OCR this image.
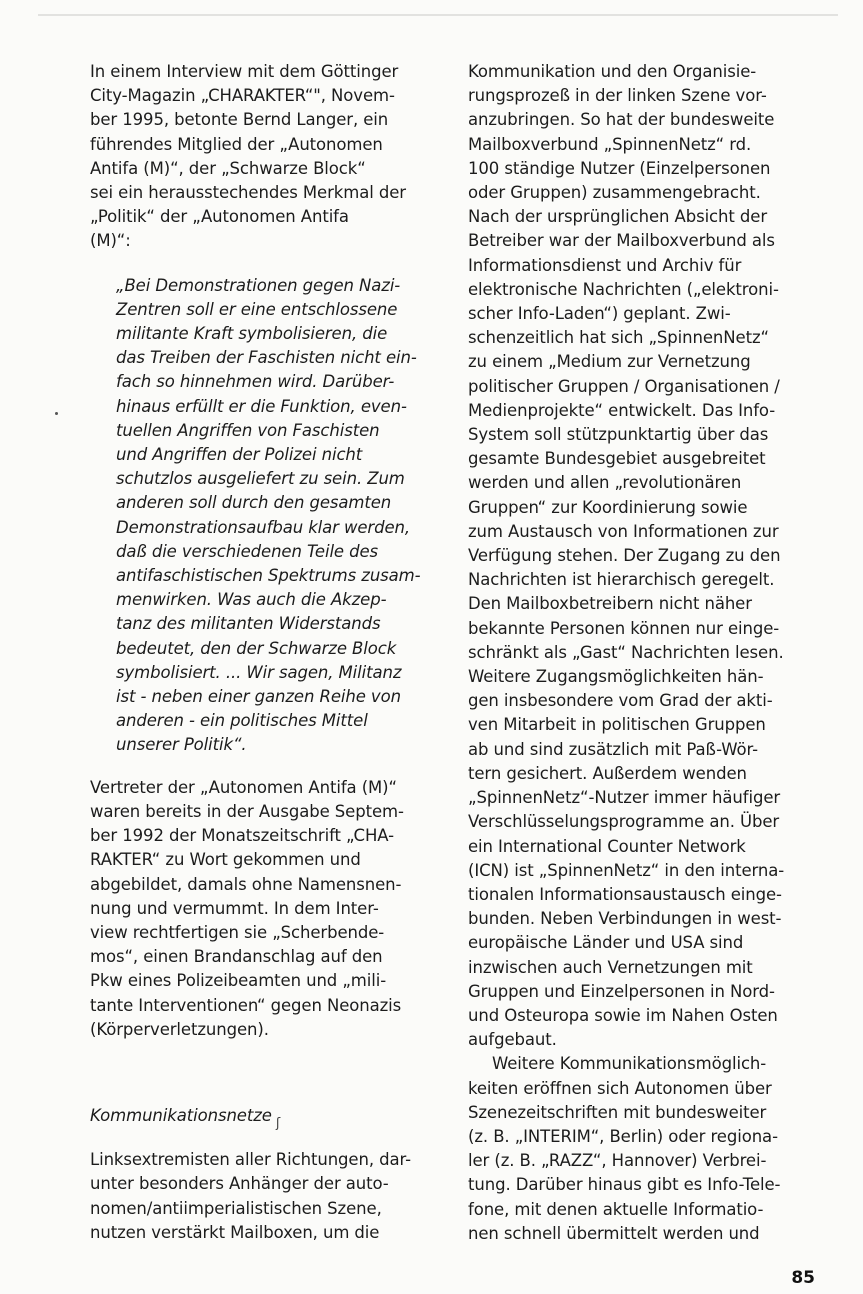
In einem Interview mit dem Göttinger

City-Magazin „CHARAKTER“", Novem-

ber 1995, betonte Bernd Langer, ein

führendes Mitglied der „Autonomen

Antifa (M)“, der „Schwarze Block“

sei ein herausstechendes Merkmal der

„Politik“ der „Autonomen Antifa

(M)“:

„Bei Demonstrationen gegen Nazi-

Zentren soll er eine entschlossene

militante Kraft symbolisieren, die

das Treiben der Faschisten nicht ein-

fach so hinnehmen wird. Darüber-

hinaus erfüllt er die Funktion, even-

tuellen Angriffen von Faschisten

und Angriffen der Polizei nicht

schutzlos ausgeliefert zu sein. Zum

anderen soll durch den gesamten

Demonstrationsaufbau klar werden,

daß die verschiedenen Teile des

antifaschistischen Spektrums zusam-

menwirken. Was auch die Akzep-

tanz des militanten Widerstands

bedeutet, den der Schwarze Block

symbolisiert. ... Wir sagen, Militanz

ist - neben einer ganzen Reihe von

anderen - ein politisches Mittel

unserer Politik“.

Vertreter der „Autonomen Antifa (M)“

waren bereits in der Ausgabe Septem-

ber 1992 der Monatszeitschrift „CHA-

RAKTER“ zu Wort gekommen und

abgebildet, damals ohne Namensnen-

nung und vermummt. In dem Inter-

view rechtfertigen sie „Scherbende-

mos“, einen Brandanschlag auf den

Pkw eines Polizeibeamten und „mili-

tante Interventionen“ gegen Neonazis

(Körperverletzungen).

Kommunikationsnetze ʃ

Linksextremisten aller Richtungen, dar-

unter besonders Anhänger der auto-

nomen/antiimperialistischen Szene,

nutzen verstärkt Mailboxen, um die

Kommunikation und den Organisie-

rungsprozeß in der linken Szene vor-

anzubringen. So hat der bundesweite

Mailboxverbund „SpinnenNetz“ rd.

100 ständige Nutzer (Einzelpersonen

oder Gruppen) zusammengebracht.

Nach der ursprünglichen Absicht der

Betreiber war der Mailboxverbund als

Informationsdienst und Archiv für

elektronische Nachrichten („elektroni-

scher Info-Laden“) geplant. Zwi-

schenzeitlich hat sich „SpinnenNetz“

zu einem „Medium zur Vernetzung

politischer Gruppen / Organisationen /

Medienprojekte“ entwickelt. Das Info-

System soll stützpunktartig über das

gesamte Bundesgebiet ausgebreitet

werden und allen „revolutionären

Gruppen“ zur Koordinierung sowie

zum Austausch von Informationen zur

Verfügung stehen. Der Zugang zu den

Nachrichten ist hierarchisch geregelt.

Den Mailboxbetreibern nicht näher

bekannte Personen können nur einge-

schränkt als „Gast“ Nachrichten lesen.

Weitere Zugangsmöglichkeiten hän-

gen insbesondere vom Grad der akti-

ven Mitarbeit in politischen Gruppen

ab und sind zusätzlich mit Paß-Wör-

tern gesichert. Außerdem wenden

„SpinnenNetz“-Nutzer immer häufiger

Verschlüsselungsprogramme an. Über

ein International Counter Network

(ICN) ist „SpinnenNetz“ in den interna-

tionalen Informationsaustausch einge-

bunden. Neben Verbindungen in west-

europäische Länder und USA sind

inzwischen auch Vernetzungen mit

Gruppen und Einzelpersonen in Nord-

und Osteuropa sowie im Nahen Osten

aufgebaut.

Weitere Kommunikationsmöglich-

keiten eröffnen sich Autonomen über

Szenezeitschriften mit bundesweiter

(z. B. „INTERIM“, Berlin) oder regiona-

ler (z. B. „RAZZ“, Hannover) Verbrei-

tung. Darüber hinaus gibt es Info-Tele-

fone, mit denen aktuelle Informatio-

nen schnell übermittelt werden und

85
